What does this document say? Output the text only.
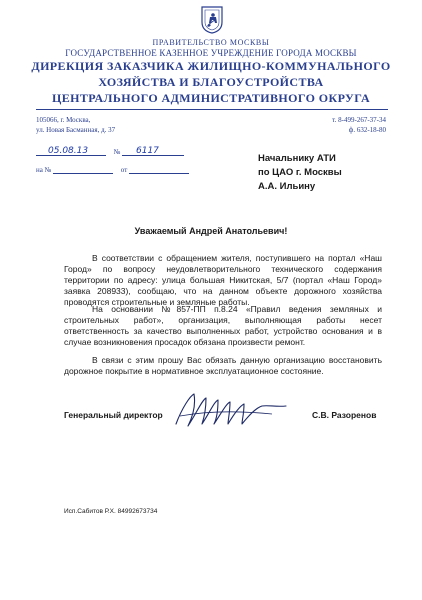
ПРАВИТЕЛЬСТВО МОСКВЫ
ГОСУДАРСТВЕННОЕ КАЗЕННОЕ УЧРЕЖДЕНИЕ ГОРОДА МОСКВЫ
ДИРЕКЦИЯ ЗАКАЗЧИКА ЖИЛИЩНО-КОММУНАЛЬНОГО
ХОЗЯЙСТВА И БЛАГОУСТРОЙСТВА
ЦЕНТРАЛЬНОГО АДМИНИСТРАТИВНОГО ОКРУГА
105066, г. Москва,
ул. Новая Басманная, д. 37
т. 8-499-267-37-34
ф. 632-18-80

05.08.13	№ 6117
на №	от
Начальнику АТИ
по ЦАО г. Москвы
А.А. Ильину
Уважаемый Андрей Анатольевич!

В соответствии с обращением жителя, поступившего на портал «Наш Город» по вопросу неудовлетворительного технического содержания территории по адресу: улица большая Никитская, 5/7 (портал «Наш Город» заявка 208933), сообщаю, что на данном объекте дорожного хозяйства проводятся строительные и земляные работы.

На основании №857-ПП п.8.24 «Правил ведения земляных и строительных работ», организация, выполняющая работы несет ответственность за качество выполненных работ, устройство основания и в случае возникновения просадок обязана произвести ремонт.

В связи с этим прошу Вас обязать данную организацию восстановить дорожное покрытие в нормативное эксплуатационное состояние.

Генеральный директор	С.В. Разоренов
Исп.Сабитов Р.Х. 84992673734
